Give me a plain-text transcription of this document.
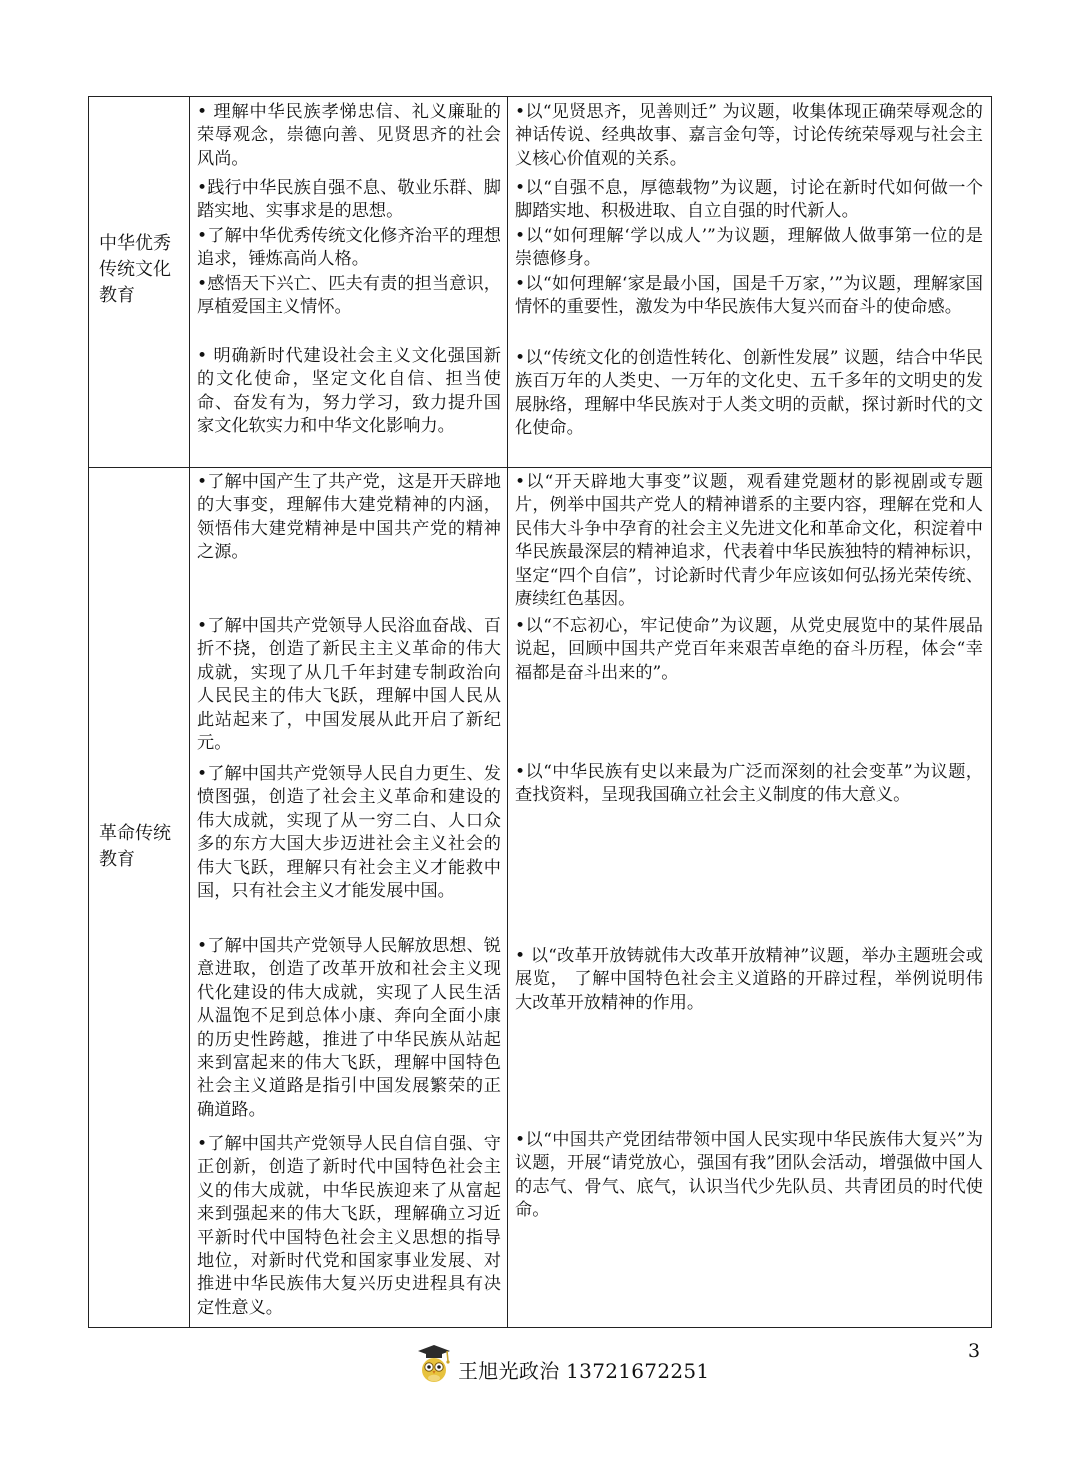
中华优秀传统文化教育
• 理解中华民族孝悌忠信、礼义廉耻的荣辱观念，崇德向善、见贤思齐的社会风尚。
•践行中华民族自强不息、敬业乐群、脚踏实地、实事求是的思想。
•了解中华优秀传统文化修齐治平的理想追求，锤炼高尚人格。
•感悟天下兴亡、匹夫有责的担当意识，厚植爱国主义情怀。
• 明确新时代建设社会主义文化强国新的文化使命，坚定文化自信、担当使命、奋发有为，努力学习，致力提升国家文化软实力和中华文化影响力。
•以“见贤思齐，见善则迁” 为议题，收集体现正确荣辱观念的神话传说、经典故事、嘉言金句等，讨论传统荣辱观与社会主义核心价值观的关系。
•以“自强不息，厚德载物”为议题，讨论在新时代如何做一个脚踏实地、积极进取、自立自强的时代新人。
•以“如何理解‘学以成人’”为议题，理解做人做事第一位的是崇德修身。
•以“如何理解‘家是最小国，国是千万家，’”为议题，理解家国情怀的重要性，激发为中华民族伟大复兴而奋斗的使命感。
•以“传统文化的创造性转化、创新性发展” 议题，结合中华民族百万年的人类史、一万年的文化史、五千多年的文明史的发展脉络，理解中华民族对于人类文明的贡献，探讨新时代的文化使命。
革命传统教育
•了解中国产生了共产党，这是开天辟地的大事变，理解伟大建党精神的内涵，领悟伟大建党精神是中国共产党的精神之源。
•了解中国共产党领导人民浴血奋战、百折不挠，创造了新民主主义革命的伟大成就，实现了从几千年封建专制政治向人民民主的伟大飞跃，理解中国人民从此站起来了，中国发展从此开启了新纪元。
•了解中国共产党领导人民自力更生、发愤图强，创造了社会主义革命和建设的伟大成就，实现了从一穷二白、人口众多的东方大国大步迈进社会主义社会的伟大飞跃，理解只有社会主义才能救中国，只有社会主义才能发展中国。
•了解中国共产党领导人民解放思想、锐意进取，创造了改革开放和社会主义现代化建设的伟大成就，实现了人民生活从温饱不足到总体小康、奔向全面小康的历史性跨越，推进了中华民族从站起来到富起来的伟大飞跃，理解中国特色社会主义道路是指引中国发展繁荣的正确道路。
•了解中国共产党领导人民自信自强、守正创新，创造了新时代中国特色社会主义的伟大成就，中华民族迎来了从富起来到强起来的伟大飞跃，理解确立习近平新时代中国特色社会主义思想的指导地位，对新时代党和国家事业发展、对推进中华民族伟大复兴历史进程具有决定性意义。
•以“开天辟地大事变”议题，观看建党题材的影视剧或专题片，例举中国共产党人的精神谱系的主要内容，理解在党和人民伟大斗争中孕育的社会主义先进文化和革命文化，积淀着中华民族最深层的精神追求，代表着中华民族独特的精神标识，坚定“四个自信”，讨论新时代青少年应该如何弘扬光荣传统、赓续红色基因。
•以“不忘初心，牢记使命”为议题，从党史展览中的某件展品说起，回顾中国共产党百年来艰苦卓绝的奋斗历程，体会“幸福都是奋斗出来的”。
•以“中华民族有史以来最为广泛而深刻的社会变革”为议题，查找资料，呈现我国确立社会主义制度的伟大意义。
• 以“改革开放铸就伟大改革开放精神”议题，举办主题班会或展览， 了解中国特色社会主义道路的开辟过程，举例说明伟大改革开放精神的作用。
•以“中国共产党团结带领中国人民实现中华民族伟大复兴”为议题，开展“请党放心，强国有我”团队会活动，增强做中国人的志气、骨气、底气，认识当代少先队员、共青团员的时代使命。
3
王旭光政治 13721672251
